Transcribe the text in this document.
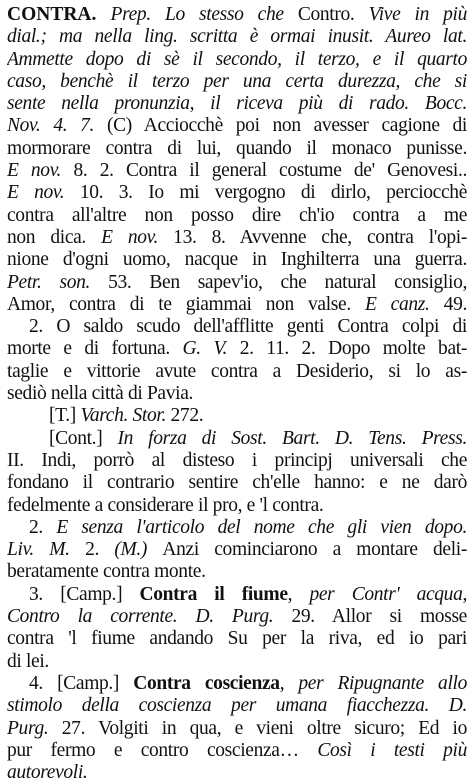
CONTRA. Prep. Lo stesso che Contro. Vive in più
dial.; ma nella ling. scritta è ormai inusit. Aureo lat.
Ammette dopo di sè il secondo, il terzo, e il quarto
caso, benchè il terzo per una certa durezza, che si
sente nella pronunzia, il riceva più di rado. Bocc.
Nov. 4. 7. (C) Acciocchè poi non avesser cagione di
mormorare contra di lui, quando il monaco punisse.
E nov. 8. 2. Contra il general costume de' Genovesi..
E nov. 10. 3. Io mi vergogno di dirlo, perciocchè
contra all'altre non posso dire ch'io contra a me
non dica. E nov. 13. 8. Avvenne che, contra l'opi-
nione d'ogni uomo, nacque in Inghilterra una guerra.
Petr. son. 53. Ben sapev'io, che natural consiglio,
Amor, contra di te giammai non valse. E canz. 49.
2. O saldo scudo dell'afflitte genti Contra colpi di
morte e di fortuna. G. V. 2. 11. 2. Dopo molte bat-
taglie e vittorie avute contra a Desiderio, si lo as-
sediò nella città di Pavia.
[T.] Varch. Stor. 272.
[Cont.] In forza di Sost. Bart. D. Tens. Press.
II. Indi, porrò al disteso i principj universali che
fondano il contrario sentire ch'elle hanno: e ne darò
fedelmente a considerare il pro, e 'l contra.
2. E senza l'articolo del nome che gli vien dopo.
Liv. M. 2. (M.) Anzi cominciarono a montare deli-
beratamente contra monte.
3. [Camp.] Contra il fiume, per Contr' acqua,
Contro la corrente. D. Purg. 29. Allor si mosse
contra 'l fiume andando Su per la riva, ed io pari
di lei.
4. [Camp.] Contra coscienza, per Ripugnante allo
stimolo della coscienza per umana fiacchezza. D.
Purg. 27. Volgiti in qua, e vieni oltre sicuro; Ed io
pur fermo e contro coscienza… Così i testi più
autorevoli.
